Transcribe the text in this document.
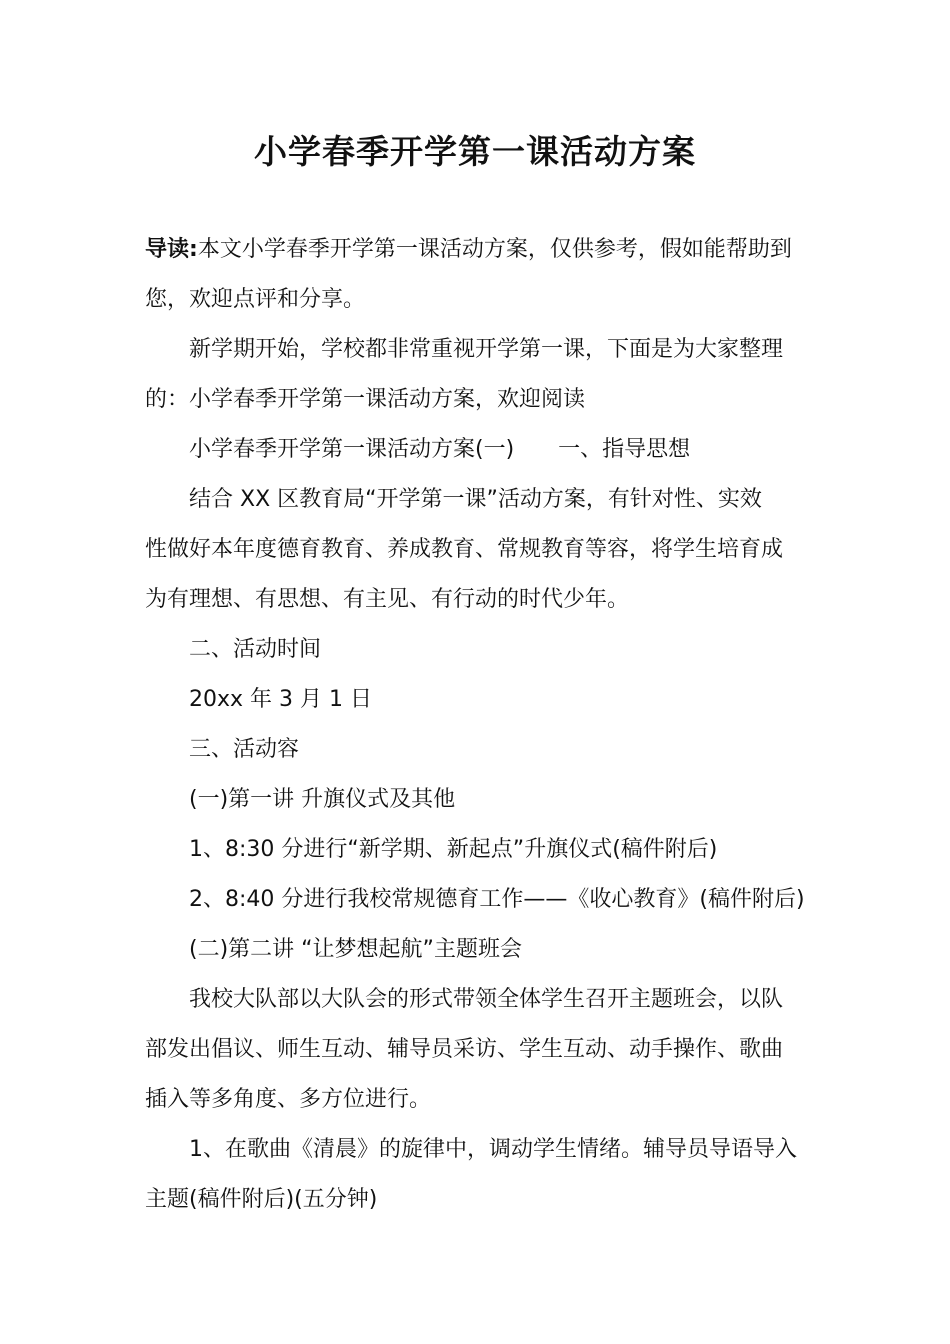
小学春季开学第一课活动方案
导读:本文小学春季开学第一课活动方案，仅供参考，假如能帮助到
您，欢迎点评和分享。
新学期开始，学校都非常重视开学第一课，下面是为大家整理
的：小学春季开学第一课活动方案，欢迎阅读
小学春季开学第一课活动方案(一) 一、指导思想
结合 XX 区教育局“开学第一课”活动方案，有针对性、实效
性做好本年度德育教育、养成教育、常规教育等容，将学生培育成
为有理想、有思想、有主见、有行动的时代少年。
二、活动时间
20xx 年 3 月 1 日
三、活动容
(一)第一讲 升旗仪式及其他
1、8:30 分进行“新学期、新起点”升旗仪式(稿件附后)
2、8:40 分进行我校常规德育工作——《收心教育》(稿件附后)
(二)第二讲 “让梦想起航”主题班会
我校大队部以大队会的形式带领全体学生召开主题班会，以队
部发出倡议、师生互动、辅导员采访、学生互动、动手操作、歌曲
插入等多角度、多方位进行。
1、在歌曲《清晨》的旋律中，调动学生情绪。辅导员导语导入
主题(稿件附后)(五分钟)
